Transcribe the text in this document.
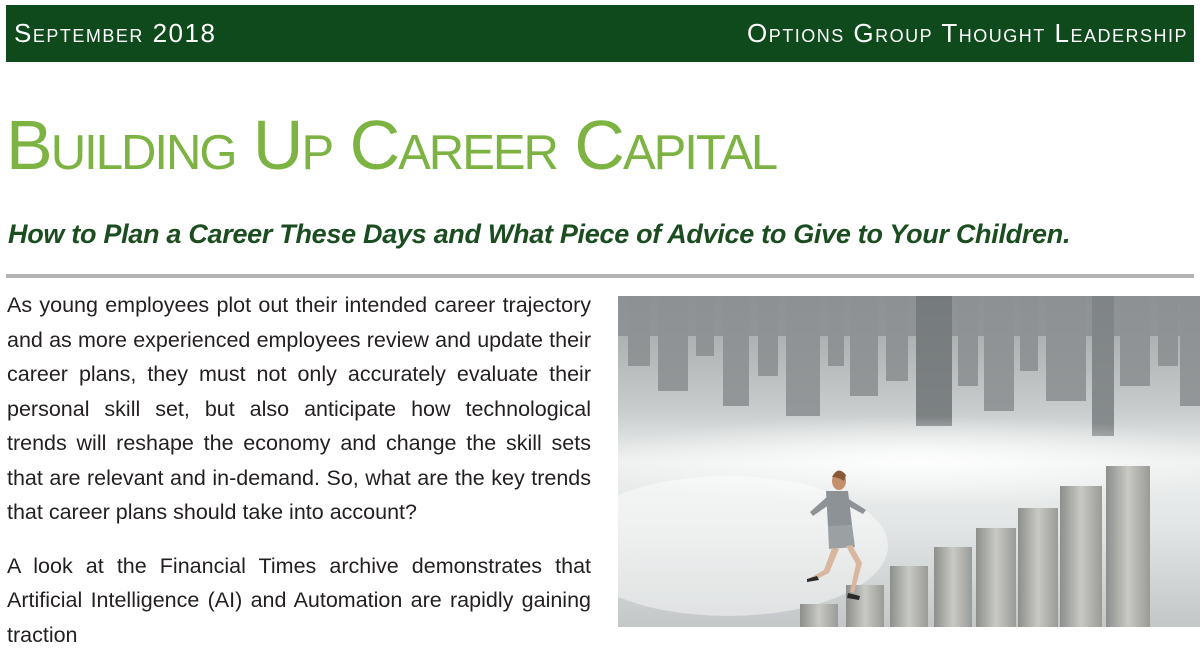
September 2018	Options Group Thought Leadership
Building Up Career Capital
How to Plan a Career These Days and What Piece of Advice to Give to Your Children.

As young employees plot out their intended career trajectory and as more experienced employees review and update their career plans, they must not only accurately evaluate their personal skill set, but also anticipate how technological trends will reshape the economy and change the skill sets that are relevant and in-demand. So, what are the key trends that career plans should take into account?

A look at the Financial Times archive demonstrates that Artificial Intelligence (AI) and Automation are rapidly gaining traction
